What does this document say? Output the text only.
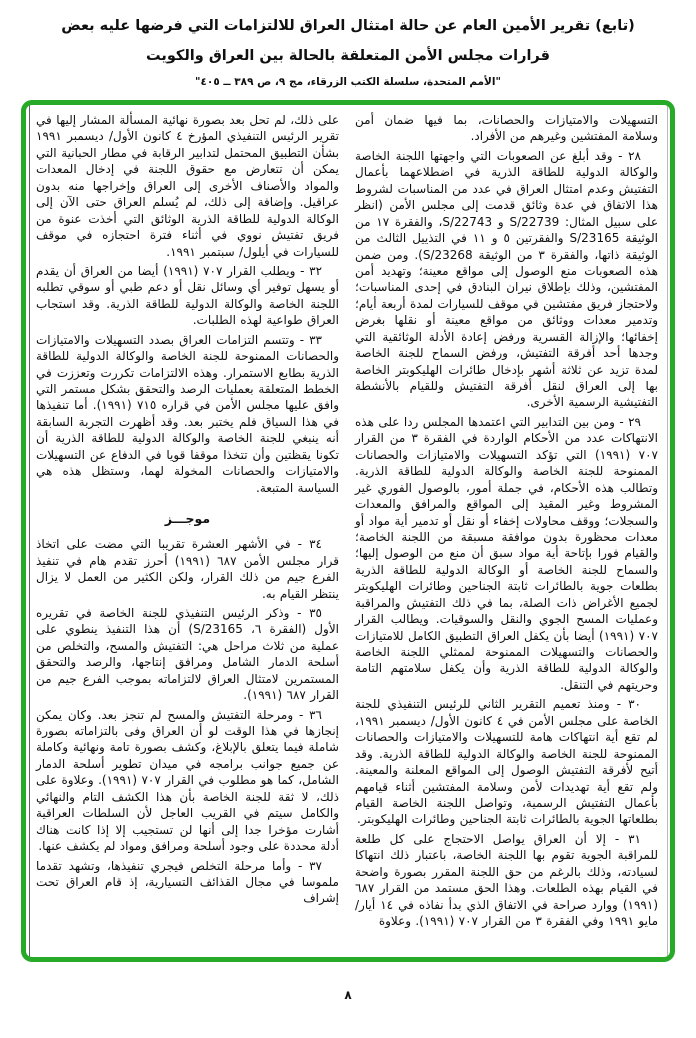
(تابع) تقرير الأمين العام عن حالة امتثال العراق للالتزامات التي فرضها عليه بعض
قرارات مجلس الأمن المتعلقة بالحالة بين العراق والكويت
"الأمم المتحدة، سلسلة الكتب الزرقاء، مج ٩، ص ٣٨٩ ــ ٤٠٥"

التسهيلات والامتيازات والحصانات، بما فيها ضمان أمن وسلامة المفتشين وغيرهم من الأفراد.

٢٨ - وقد أبلغ عن الصعوبات التي واجهتها اللجنة الخاصة والوكالة الدولية للطاقة الذرية في اضطلاعهما بأعمال التفتيش وعدم امتثال العراق في عدد من المناسبات لشروط هذا الاتفاق في عدة وثائق قدمت إلى مجلس الأمن (انظر على سبيل المثال: S/22739 و S/22743، والفقرة ١٧ من الوثيقة S/23165 والفقرتين ٥ و ١١ في التذييل الثالث من الوثيقة ذاتها، والفقرة ٣ من الوثيقة S/23268). ومن ضمن هذه الصعوبات منع الوصول إلى مواقع معينة؛ وتهديد أمن المفتشين، وذلك بإطلاق نيران البنادق في إحدى المناسبات؛ ولاحتجاز فريق مفتشين في موقف للسيارات لمدة أربعة أيام؛ وتدمير معدات ووثائق من مواقع معينة أو نقلها بغرض إخفائها؛ والإزالة القسرية ورفض إعادة الأدلة الوثائقية التي وجدها أحد أفرقة التفتيش، ورفض السماح للجنة الخاصة لمدة تزيد عن ثلاثة أشهر بإدخال طائرات الهليكوبتر الخاصة بها إلى العراق لنقل أفرقة التفتيش وللقيام بالأنشطة التفتيشية الرسمية الأخرى.

٢٩ - ومن بين التدابير التي اعتمدها المجلس ردا على هذه الانتهاكات عدد من الأحكام الواردة في الفقرة ٣ من القرار ٧٠٧ (١٩٩١) التي تؤكد التسهيلات والامتيازات والحصانات الممنوحة للجنة الخاصة والوكالة الدولية للطاقة الذرية. وتطالب هذه الأحكام، في جملة أمور، بالوصول الفوري غير المشروط وغير المقيد إلى المواقع والمرافق والمعدات والسجلات؛ ووقف محاولات إخفاء أو نقل أو تدمير أية مواد أو معدات محظورة بدون موافقة مسبقة من اللجنة الخاصة؛ والقيام فورا بإتاحة أية مواد سبق أن منع من الوصول إليها؛ والسماح للجنة الخاصة أو الوكالة الدولية للطاقة الذرية بطلعات جوية بالطائرات ثابتة الجناحين وطائرات الهليكوبتر لجميع الأغراض ذات الصلة، بما في ذلك التفتيش والمراقبة وعمليات المسح الجوي والنقل والسوقيات. ويطالب القرار ٧٠٧ (١٩٩١) أيضا بأن يكفل العراق التطبيق الكامل للامتيازات والحصانات والتسهيلات الممنوحة لممثلي اللجنة الخاصة والوكالة الدولية للطاقة الذرية وأن يكفل سلامتهم التامة وحريتهم في التنقل.

٣٠ - ومنذ تعميم التقرير الثاني للرئيس التنفيذي للجنة الخاصة على مجلس الأمن في ٤ كانون الأول/ ديسمبر ١٩٩١، لم تقع أية انتهاكات هامة للتسهيلات والامتيازات والحصانات الممنوحة للجنة الخاصة والوكالة الدولية للطاقة الذرية. وقد أتيح لأفرقة التفتيش الوصول إلى المواقع المعلنة والمعينة. ولم تقع أية تهديدات لأمن وسلامة المفتشين أثناء قيامهم بأعمال التفتيش الرسمية، وتواصل اللجنة الخاصة القيام بطلعاتها الجوية بالطائرات ثابتة الجناحين وطائرات الهليكوبتر.

٣١ - إلا أن العراق يواصل الاحتجاج على كل طلعة للمراقبة الجوية تقوم بها اللجنة الخاصة، باعتبار ذلك انتهاكا لسيادته، وذلك بالرغم من حق اللجنة المقرر بصورة واضحة في القيام بهذه الطلعات. وهذا الحق مستمد من القرار ٦٨٧ (١٩٩١) ووارد صراحة في الاتفاق الذي بدأ نفاذه في ١٤ أيار/ مايو ١٩٩١ وفي الفقرة ٣ من القرار ٧٠٧ (١٩٩١). وعلاوة

على ذلك، لم تحل بعد بصورة نهائية المسألة المشار إليها في تقرير الرئيس التنفيذي المؤرخ ٤ كانون الأول/ ديسمبر ١٩٩١ بشأن التطبيق المحتمل لتدابير الرقابة في مطار الحبانية التي يمكن أن تتعارض مع حقوق اللجنة في إدخال المعدات والمواد والأصناف الأخرى إلى العراق وإخراجها منه بدون عراقيل. وإضافة إلى ذلك، لم يُسلم العراق حتى الآن إلى الوكالة الدولية للطاقة الذرية الوثائق التي أخذت عنوة من فريق تفتيش نووي في أثناء فترة احتجازه في موقف للسيارات في أيلول/ سبتمبر ١٩٩١.

٣٢ - ويطلب القرار ٧٠٧ (١٩٩١) أيضا من العراق أن يقدم أو يسهل توفير أي وسائل نقل أو دعم طبي أو سوقي تطلبه اللجنة الخاصة والوكالة الدولية للطاقة الذرية. وقد استجاب العراق طواعية لهذه الطلبات.

٣٣ - وتتسم التزامات العراق بصدد التسهيلات والامتيازات والحصانات الممنوحة للجنة الخاصة والوكالة الدولية للطاقة الذرية بطابع الاستمرار. وهذه الالتزامات تكررت وتعززت في الخطط المتعلقة بعمليات الرصد والتحقق بشكل مستمر التي وافق عليها مجلس الأمن في قراره ٧١٥ (١٩٩١). أما تنفيذها في هذا السياق فلم يختبر بعد. وقد أظهرت التجربة السابقة أنه ينبغي للجنة الخاصة والوكالة الدولية للطاقة الذرية أن تكونا يقظتين وأن تتخذا موقفا قويا في الدفاع عن التسهيلات والامتيازات والحصانات المخولة لهما، وستظل هذه هي السياسة المتبعة.

موجـــز

٣٤ - في الأشهر العشرة تقريبا التي مضت على اتخاذ قرار مجلس الأمن ٦٨٧ (١٩٩١) أحرز تقدم هام في تنفيذ الفرع جيم من ذلك القرار، ولكن الكثير من العمل لا يزال ينتظر القيام به.

٣٥ - وذكر الرئيس التنفيذي للجنة الخاصة في تقريره الأول (الفقرة ٦، S/23165) أن هذا التنفيذ ينطوي على عملية من ثلاث مراحل هي: التفتيش والمسح، والتخلص من أسلحة الدمار الشامل ومرافق إنتاجها، والرصد والتحقق المستمرين لامتثال العراق لالتزاماته بموجب الفرع جيم من القرار ٦٨٧ (١٩٩١).

٣٦ - ومرحلة التفتيش والمسح لم تنجز بعد. وكان يمكن إنجازها في هذا الوقت لو أن العراق وفى بالتزاماته بصورة شاملة فيما يتعلق بالإبلاغ، وكشف بصورة تامة ونهائية وكاملة عن جميع جوانب برامجه في ميدان تطوير أسلحة الدمار الشامل، كما هو مطلوب في القرار ٧٠٧ (١٩٩١). وعلاوة على ذلك، لا ثقة للجنة الخاصة بأن هذا الكشف التام والنهائي والكامل سيتم في القريب العاجل لأن السلطات العراقية أشارت مؤخرا جدا إلى أنها لن تستجيب إلا إذا كانت هناك أدلة محددة على وجود أسلحة ومرافق ومواد لم يكشف عنها.

٣٧ - وأما مرحلة التخلص فيجري تنفيذها، وتشهد تقدما ملموسا في مجال القذائف التسيارية، إذ قام العراق تحت إشراف

٨
